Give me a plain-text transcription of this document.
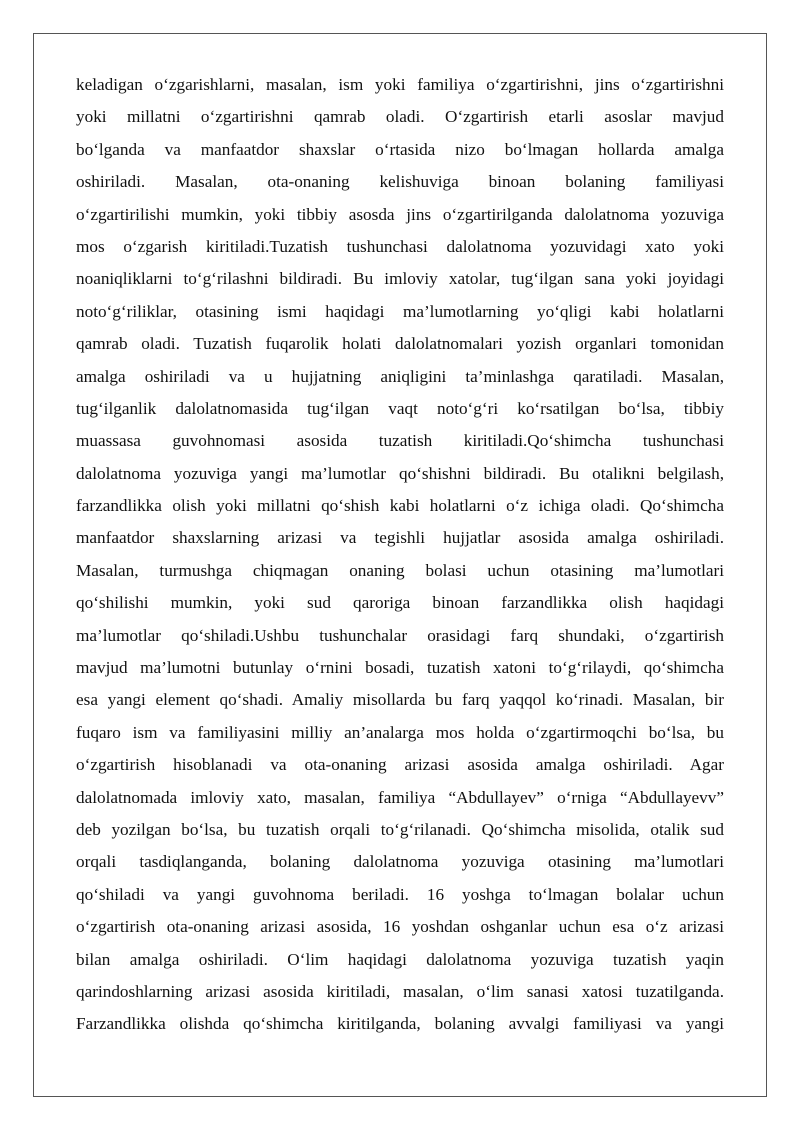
keladigan o‘zgarishlarni, masalan, ism yoki familiya o‘zgartirishni, jins o‘zgartirishni
yoki millatni o‘zgartirishni qamrab oladi. O‘zgartirish etarli asoslar mavjud
bo‘lganda va manfaatdor shaxslar o‘rtasida nizo bo‘lmagan hollarda amalga
oshiriladi. Masalan, ota-onaning kelishuviga binoan bolaning familiyasi
o‘zgartirilishi mumkin, yoki tibbiy asosda jins o‘zgartirilganda dalolatnoma yozuviga
mos o‘zgarish kiritiladi.Tuzatish tushunchasi dalolatnoma yozuvidagi xato yoki
noaniqliklarni to‘g‘rilashni bildiradi. Bu imloviy xatolar, tug‘ilgan sana yoki joyidagi
noto‘g‘riliklar, otasining ismi haqidagi ma’lumotlarning yo‘qligi kabi holatlarni
qamrab oladi. Tuzatish fuqarolik holati dalolatnomalari yozish organlari tomonidan
amalga oshiriladi va u hujjatning aniqligini ta’minlashga qaratiladi. Masalan,
tug‘ilganlik dalolatnomasida tug‘ilgan vaqt noto‘g‘ri ko‘rsatilgan bo‘lsa, tibbiy
muassasa guvohnomasi asosida tuzatish kiritiladi.Qo‘shimcha tushunchasi
dalolatnoma yozuviga yangi ma’lumotlar qo‘shishni bildiradi. Bu otalikni belgilash,
farzandlikka olish yoki millatni qo‘shish kabi holatlarni o‘z ichiga oladi. Qo‘shimcha
manfaatdor shaxslarning arizasi va tegishli hujjatlar asosida amalga oshiriladi.
Masalan, turmushga chiqmagan onaning bolasi uchun otasining ma’lumotlari
qo‘shilishi mumkin, yoki sud qaroriga binoan farzandlikka olish haqidagi
ma’lumotlar qo‘shiladi.Ushbu tushunchalar orasidagi farq shundaki, o‘zgartirish
mavjud ma’lumotni butunlay o‘rnini bosadi, tuzatish xatoni to‘g‘rilaydi, qo‘shimcha
esa yangi element qo‘shadi. Amaliy misollarda bu farq yaqqol ko‘rinadi. Masalan, bir
fuqaro ism va familiyasini milliy an’analarga mos holda o‘zgartirmoqchi bo‘lsa, bu
o‘zgartirish hisoblanadi va ota-onaning arizasi asosida amalga oshiriladi. Agar
dalolatnomada imloviy xato, masalan, familiya “Abdullayev” o‘rniga “Abdullayevv”
deb yozilgan bo‘lsa, bu tuzatish orqali to‘g‘rilanadi. Qo‘shimcha misolida, otalik sud
orqali tasdiqlanganda, bolaning dalolatnoma yozuviga otasining ma’lumotlari
qo‘shiladi va yangi guvohnoma beriladi. 16 yoshga to‘lmagan bolalar uchun
o‘zgartirish ota-onaning arizasi asosida, 16 yoshdan oshganlar uchun esa o‘z arizasi
bilan amalga oshiriladi. O‘lim haqidagi dalolatnoma yozuviga tuzatish yaqin
qarindoshlarning arizasi asosida kiritiladi, masalan, o‘lim sanasi xatosi tuzatilganda.
Farzandlikka olishda qo‘shimcha kiritilganda, bolaning avvalgi familiyasi va yangi
